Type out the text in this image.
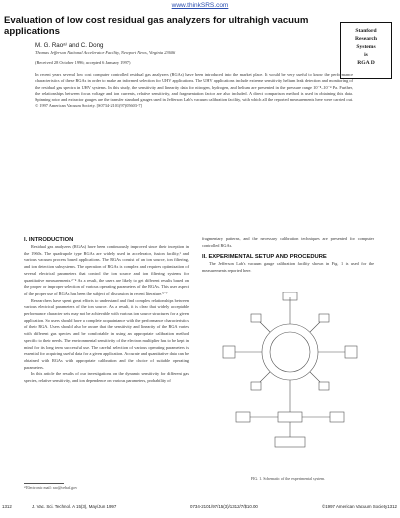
www.thinkSRS.com
Evaluation of low cost residual gas analyzers for ultrahigh vacuum applications	Stanford
Research
Systems
is
RGA D
M. G. Raoᵃ⁾ and C. Dong
Thomas Jefferson National Accelerator Facility, Newport News, Virginia 23606
(Received 28 October 1996; accepted 6 January 1997)

In recent years several low cost computer controlled residual gas analyzers (RGAs) have been introduced into the market place. It would be very useful to know the performance characteristics of these RGAs in order to make an informed selection for UHV applications. The UHV applications include extreme sensitivity helium leak detection and monitoring of the residual gas spectra in UHV systems. In this study, the sensitivity and linearity data for nitrogen, hydrogen, and helium are presented in the pressure range 10⁻⁸–10⁻⁴ Pa. Further, the relationships between focus voltage and ion currents, relative sensitivity, and fragmentation factor are also included. A direct comparison method is used in obtaining this data. Spinning rotor and extractor gauges are the transfer standard gauges used in Jefferson Lab's vacuum calibration facility, with which all the reported measurements here were carried out. © 1997 American Vacuum Society. [S0734-2101(97)05603-7]

I. INTRODUCTION

Residual gas analyzers (RGAs) have been continuously improved since their inception in the 1960s. The quadrupole type RGAs are widely used in accelerator, fusion facility,¹ and various vacuum process based applications. The RGAs consist of an ion source, ion filtering, and ion detection subsystems. The operation of RGAs is complex and requires optimization of several electrical parameters that control the ion source and ion filtering systems for quantitative measurements.²⁻⁴ As a result, the users are likely to get different results based on the proper or improper selection of various operating parameters of the RGAs. This user aspect of the proper use of RGAs has been the subject of discussion in recent literature.⁵⁻⁷

Researchers have spent great efforts to understand and find complex relationships between various electrical parameters of the ion source. As a result, it is clear that widely acceptable performance character sets may not be achievable with various ion source structures for a given application. So users should have a complete acquaintance with the performance characteristics of their RGA. Users should also be aware that the sensitivity and linearity of the RGA varies with different gas species and be comfortable in using an appropriate calibration method specific to their needs. The environmental sensitivity of the electron multiplier has to be kept in mind for its long term successful use. The careful selection of various operating parameters is essential for acquiring useful data for a given application. Accurate and quantitative data can be obtained with RGAs with appropriate calibration and the choice of suitable operating parameters.

In this article the results of our investigations on the dynamic sensitivity for different gas species, relative sensitivity, and ion dependence on various parameters, probability of

fragmentary patterns, and the necessary calibration techniques are presented for computer controlled RGAs.

II. EXPERIMENTAL SETUP AND PROCEDURE

The Jefferson Lab's vacuum gauge calibration facility shown in Fig. 1 is used for the measurements reported here.

FIG. 1. Schematic of the experimental system.
ᵃ⁾Electronic mail: rao@cebaf.gov
1312	J. Vac. Sci. Technol. A 15(3), May/Jun 1997	0734-2101/97/15(3)/1312/7/$10.00	©1997 American Vacuum Society 1312
